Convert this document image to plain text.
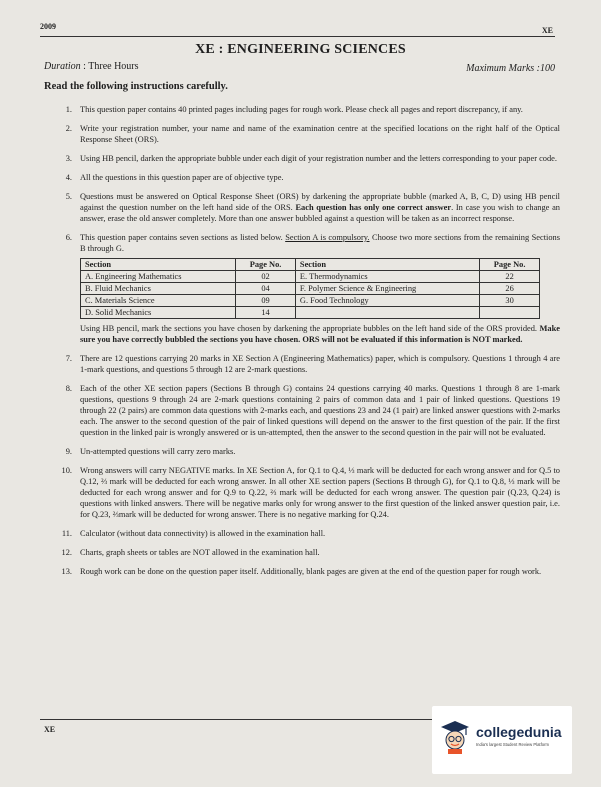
2009	XE
XE : ENGINEERING SCIENCES
Duration : Three Hours	Maximum Marks :100
Read the following instructions carefully.
1. This question paper contains 40 printed pages including pages for rough work. Please check all pages and report discrepancy, if any.
2. Write your registration number, your name and name of the examination centre at the specified locations on the right half of the Optical Response Sheet (ORS).
3. Using HB pencil, darken the appropriate bubble under each digit of your registration number and the letters corresponding to your paper code.
4. All the questions in this question paper are of objective type.
5. Questions must be answered on Optical Response Sheet (ORS) by darkening the appropriate bubble (marked A, B, C, D) using HB pencil against the question number on the left hand side of the ORS. Each question has only one correct answer. In case you wish to change an answer, erase the old answer completely. More than one answer bubbled against a question will be taken as an incorrect response.
6. This question paper contains seven sections as listed below. Section A is compulsory. Choose two more sections from the remaining Sections B through G.
Section	Page No.	Section	Page No.
A. Engineering Mathematics	02	E. Thermodynamics	22
B. Fluid Mechanics	04	F. Polymer Science & Engineering	26
C. Materials Science	09	G. Food Technology	30
D. Solid Mechanics	14		
Using HB pencil, mark the sections you have chosen by darkening the appropriate bubbles on the left hand side of the ORS provided. Make sure you have correctly bubbled the sections you have chosen. ORS will not be evaluated if this information is NOT marked.
7. There are 12 questions carrying 20 marks in XE Section A (Engineering Mathematics) paper, which is compulsory. Questions 1 through 4 are 1-mark questions, and questions 5 through 12 are 2-mark questions.
8. Each of the other XE section papers (Sections B through G) contains 24 questions carrying 40 marks. Questions 1 through 8 are 1-mark questions, questions 9 through 24 are 2-mark questions containing 2 pairs of common data and 1 pair of linked questions. Questions 19 through 22 (2 pairs) are common data questions with 2-marks each, and questions 23 and 24 (1 pair) are linked answer questions with 2-marks each. The answer to the second question of the pair of linked questions will depend on the answer to the first question of the pair. If the first question in the linked pair is wrongly answered or is un-attempted, then the answer to the second question in the pair will not be evaluated.
9. Un-attempted questions will carry zero marks.
10. Wrong answers will carry NEGATIVE marks. In XE Section A, for Q.1 to Q.4, ⅓ mark will be deducted for each wrong answer and for Q.5 to Q.12, ⅔ mark will be deducted for each wrong answer. In all other XE section papers (Sections B through G), for Q.1 to Q.8, ⅓ mark will be deducted for each wrong answer and for Q.9 to Q.22, ⅔ mark will be deducted for each wrong answer. The question pair (Q.23, Q.24) is questions with linked answers. There will be negative marks only for wrong answer to the first question of the linked answer question pair, i.e. for Q.23, ⅔mark will be deducted for wrong answer. There is no negative marking for Q.24.
11. Calculator (without data connectivity) is allowed in the examination hall.
12. Charts, graph sheets or tables are NOT allowed in the examination hall.
13. Rough work can be done on the question paper itself. Additionally, blank pages are given at the end of the question paper for rough work.
XE	collegedunia
India's largest Student Review Platform
